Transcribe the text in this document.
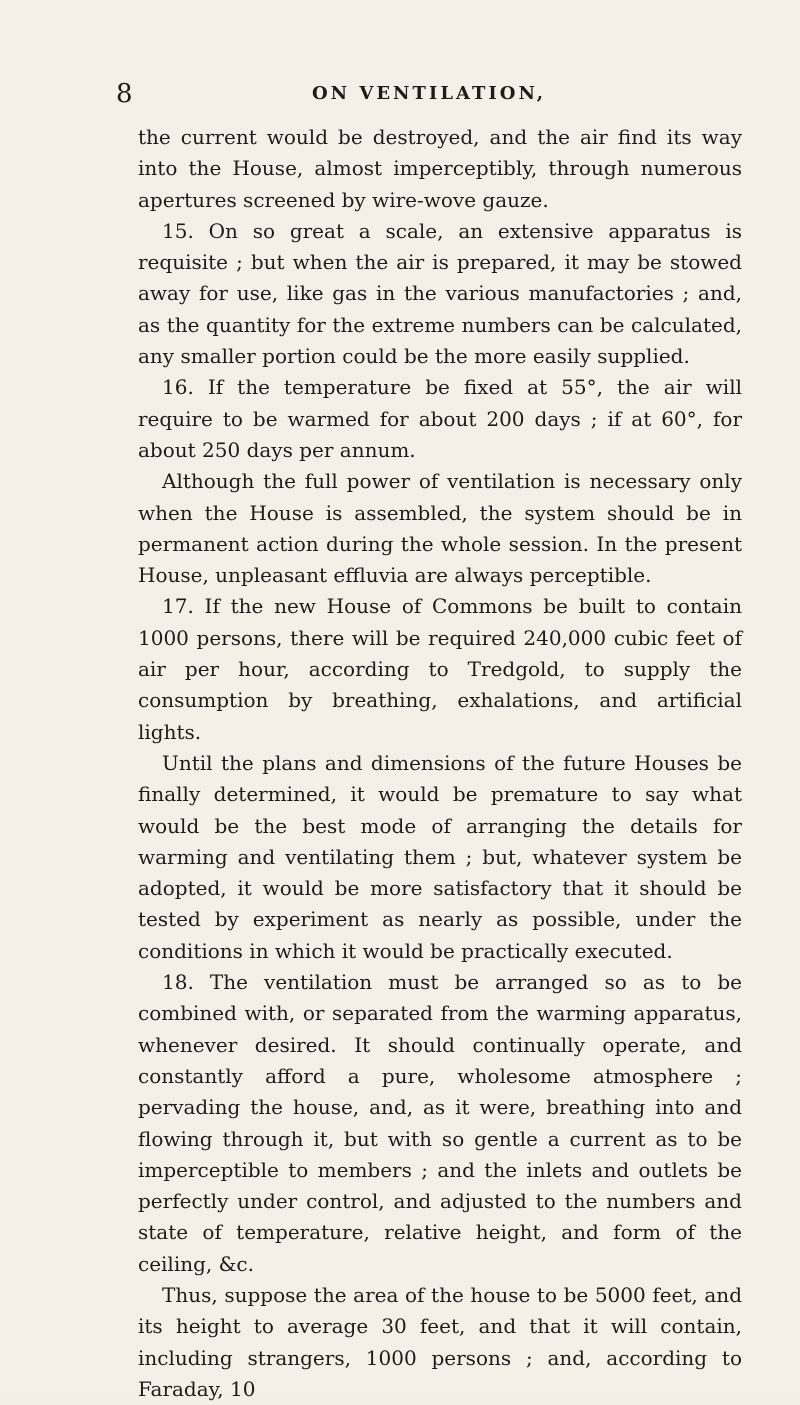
8	ON VENTILATION,

the current would be destroyed, and the air find its way into the House, almost imperceptibly, through numerous apertures screened by wire-wove gauze.

15. On so great a scale, an extensive apparatus is requisite ; but when the air is prepared, it may be stowed away for use, like gas in the various manufactories ; and, as the quantity for the extreme numbers can be calculated, any smaller portion could be the more easily supplied.

16. If the temperature be fixed at 55°, the air will require to be warmed for about 200 days ; if at 60°, for about 250 days per annum.

Although the full power of ventilation is necessary only when the House is assembled, the system should be in permanent action during the whole session. In the present House, unpleasant effluvia are always perceptible.

17. If the new House of Commons be built to contain 1000 persons, there will be required 240,000 cubic feet of air per hour, according to Tredgold, to supply the consumption by breathing, exhalations, and artificial lights.

Until the plans and dimensions of the future Houses be finally determined, it would be premature to say what would be the best mode of arranging the details for warming and ventilating them ; but, whatever system be adopted, it would be more satisfactory that it should be tested by experiment as nearly as possible, under the conditions in which it would be practically executed.

18. The ventilation must be arranged so as to be combined with, or separated from the warming apparatus, whenever desired. It should continually operate, and constantly afford a pure, wholesome atmosphere ; pervading the house, and, as it were, breathing into and flowing through it, but with so gentle a current as to be imperceptible to members ; and the inlets and outlets be perfectly under control, and adjusted to the numbers and state of temperature, relative height, and form of the ceiling, &c.

Thus, suppose the area of the house to be 5000 feet, and its height to average 30 feet, and that it will contain, including strangers, 1000 persons ; and, according to Faraday, 10
